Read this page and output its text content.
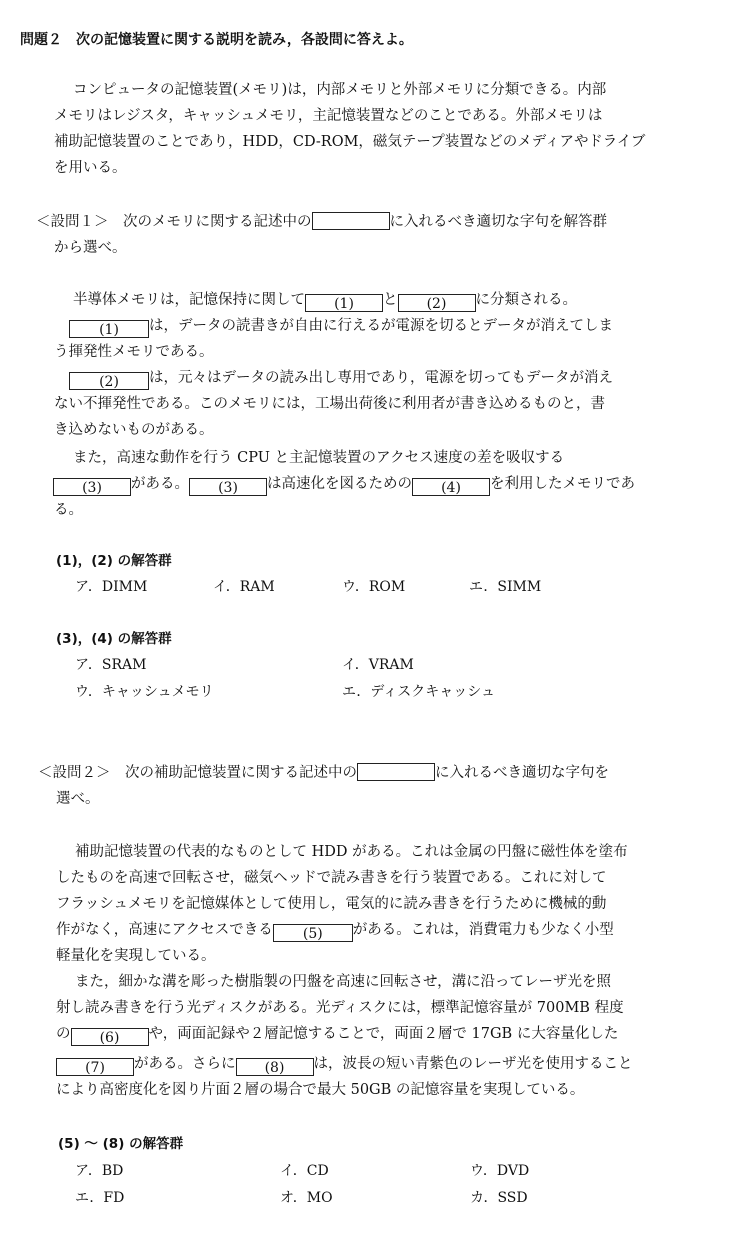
問題２　次の記憶装置に関する説明を読み，各設問に答えよ。
コンピュータの記憶装置(メモリ)は，内部メモリと外部メモリに分類できる。内部
メモリはレジスタ，キャッシュメモリ，主記憶装置などのことである。外部メモリは
補助記憶装置のことであり，HDD，CD-ROM，磁気テープ装置などのメディアやドライブ
を用いる。
＜設問１＞　次のメモリに関する記述中の	に入れるべき適切な字句を解答群
から選べ。
半導体メモリは，記憶保持に関して (1) と (2) に分類される。
(1) は，データの読書きが自由に行えるが電源を切るとデータが消えてしま
う揮発性メモリである。
(2) は，元々はデータの読み出し専用であり，電源を切ってもデータが消え
ない不揮発性である。このメモリには，工場出荷後に利用者が書き込めるものと，書
き込めないものがある。
また，高速な動作を行う CPU と主記憶装置のアクセス速度の差を吸収する
(3) がある。 (3) は高速化を図るための (4) を利用したメモリであ
る。
(1)，(2) の解答群
ア．DIMM	イ．RAM	ウ．ROM	エ．SIMM
(3)，(4) の解答群
ア．SRAM	イ．VRAM
ウ．キャッシュメモリ	エ．ディスクキャッシュ
＜設問２＞　次の補助記憶装置に関する記述中の	に入れるべき適切な字句を
選べ。
補助記憶装置の代表的なものとして HDD がある。これは金属の円盤に磁性体を塗布
したものを高速で回転させ，磁気ヘッドで読み書きを行う装置である。これに対して
フラッシュメモリを記憶媒体として使用し，電気的に読み書きを行うために機械的動
作がなく，高速にアクセスできる (5) がある。これは，消費電力も少なく小型
軽量化を実現している。
また，細かな溝を彫った樹脂製の円盤を高速に回転させ，溝に沿ってレーザ光を照
射し読み書きを行う光ディスクがある。光ディスクには，標準記憶容量が 700MB 程度
の (6) や，両面記録や２層記憶することで，両面２層で 17GB に大容量化した
(7) がある。さらに (8) は，波長の短い青紫色のレーザ光を使用すること
により高密度化を図り片面２層の場合で最大 50GB の記憶容量を実現している。
(5) ～ (8) の解答群
ア．BD	イ．CD	ウ．DVD
エ．FD	オ．MO	カ．SSD
